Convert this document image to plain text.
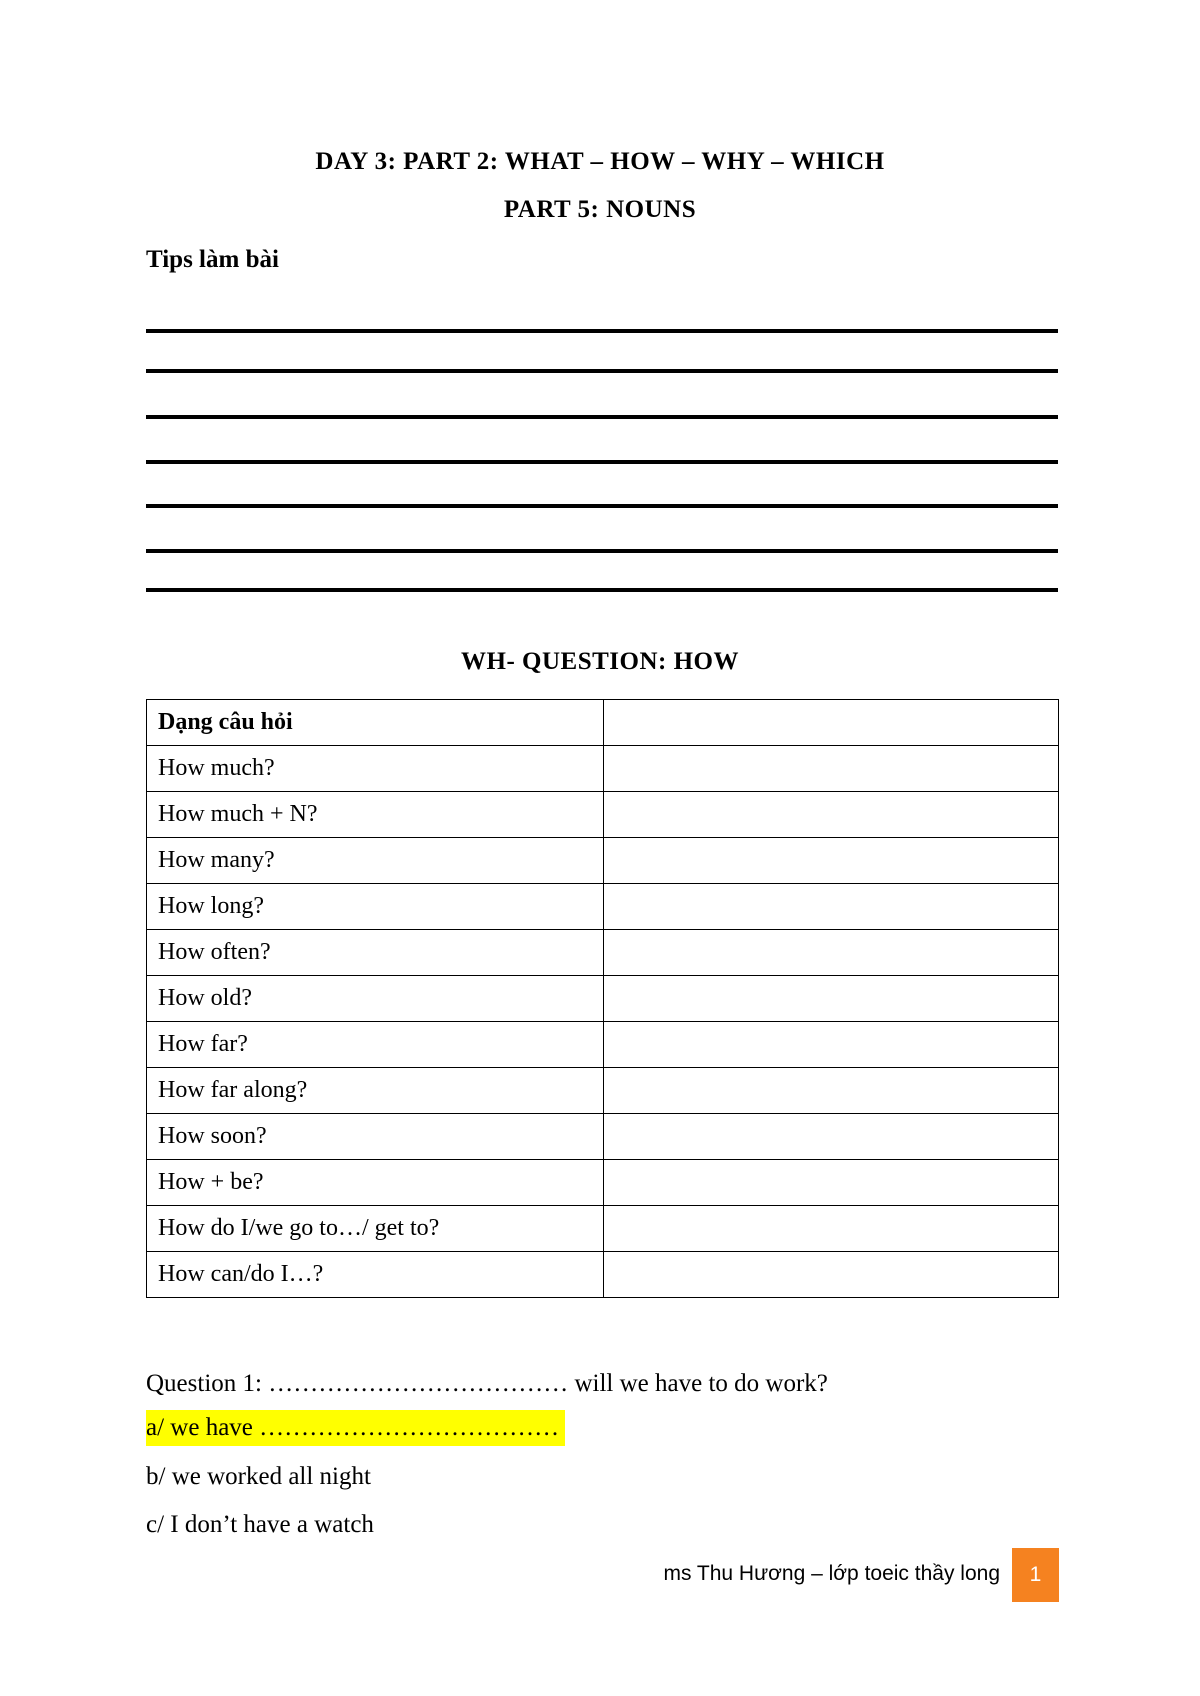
DAY 3: PART 2: WHAT – HOW – WHY – WHICH
PART 5: NOUNS
Tips làm bài
WH- QUESTION: HOW
Dạng câu hỏi	
How much?	
How much + N?	
How many?	
How long?	
How often?	
How old?	
How far?	
How far along?	
How soon?	
How + be?	
How do I/we go to…/ get to?	
How can/do I…?	
Question 1: ……………………………… will we have to do work?
a/ we have ………………………………
b/ we worked all night
c/ I don’t have a watch
ms Thu Hương – lớp toeic thầy long	1
